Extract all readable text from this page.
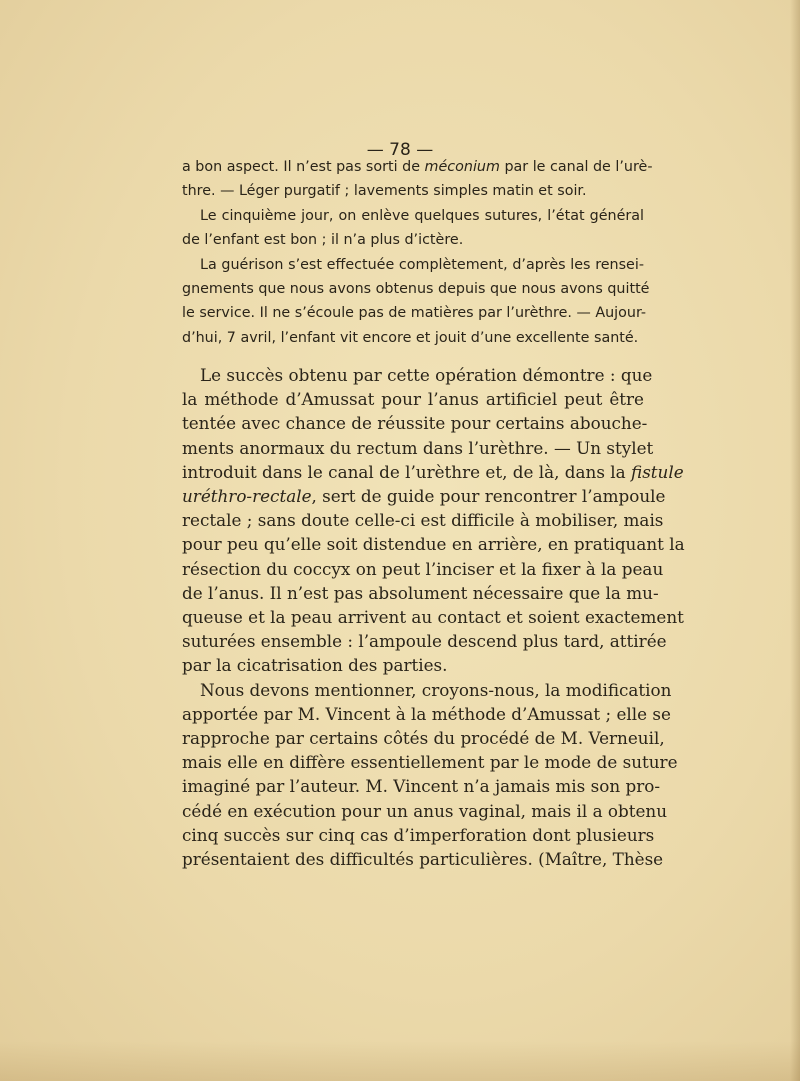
— 78 —
a bon aspect. Il n’est pas sorti de méconium par le canal de l’urè-
thre. — Léger purgatif ; lavements simples matin et soir.
Le cinquième jour, on enlève quelques sutures, l’état général
de l’enfant est bon ; il n’a plus d’ictère.
La guérison s’est effectuée complètement, d’après les rensei-
gnements que nous avons obtenus depuis que nous avons quitté
le service. Il ne s’écoule pas de matières par l’urèthre. — Aujour-
d’hui, 7 avril, l’enfant vit encore et jouit d’une excellente santé.
Le succès obtenu par cette opération démontre : que
la méthode d’Amussat pour l’anus artificiel peut être
tentée avec chance de réussite pour certains abouche-
ments anormaux du rectum dans l’urèthre. — Un stylet
introduit dans le canal de l’urèthre et, de là, dans la fistule
uréthro-rectale, sert de guide pour rencontrer l’ampoule
rectale ; sans doute celle-ci est difficile à mobiliser, mais
pour peu qu’elle soit distendue en arrière, en pratiquant la
résection du coccyx on peut l’inciser et la fixer à la peau
de l’anus. Il n’est pas absolument nécessaire que la mu-
queuse et la peau arrivent au contact et soient exactement
suturées ensemble : l’ampoule descend plus tard, attirée
par la cicatrisation des parties.
Nous devons mentionner, croyons-nous, la modification
apportée par M. Vincent à la méthode d’Amussat ; elle se
rapproche par certains côtés du procédé de M. Verneuil,
mais elle en diffère essentiellement par le mode de suture
imaginé par l’auteur. M. Vincent n’a jamais mis son pro-
cédé en exécution pour un anus vaginal, mais il a obtenu
cinq succès sur cinq cas d’imperforation dont plusieurs
présentaient des difficultés particulières. (Maître, Thèse
